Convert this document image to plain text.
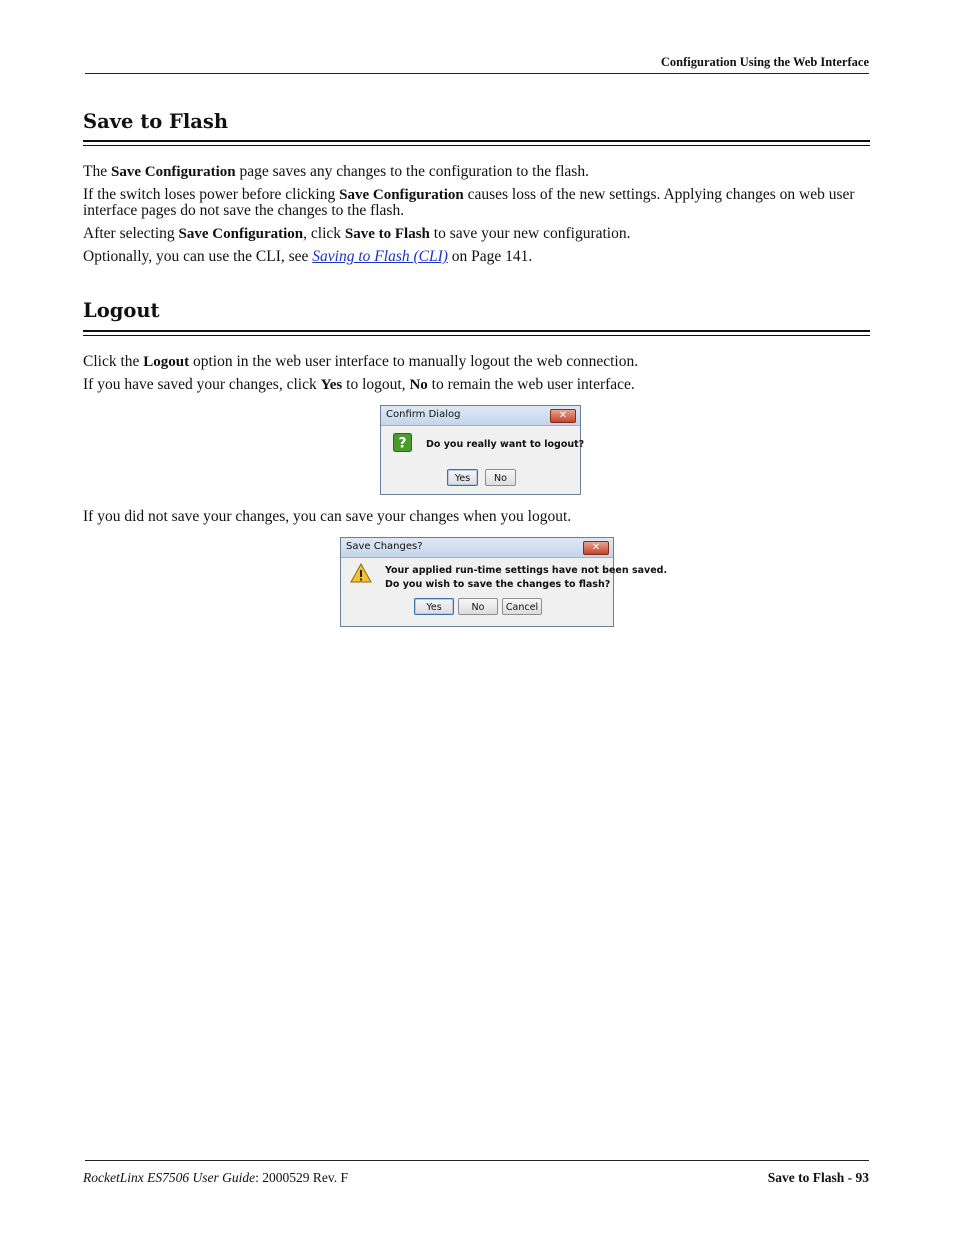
Configuration Using the Web Interface
Save to Flash
The Save Configuration page saves any changes to the configuration to the flash.
If the switch loses power before clicking Save Configuration causes loss of the new settings. Applying changes on web user interface pages do not save the changes to the flash.
After selecting Save Configuration, click Save to Flash to save your new configuration.
Optionally, you can use the CLI, see Saving to Flash (CLI) on Page 141.
Logout
Click the Logout option in the web user interface to manually logout the web connection.
If you have saved your changes, click Yes to logout, No to remain the web user interface.
Confirm Dialog	✕
? Do you really want to logout?
Yes	No
If you did not save your changes, you can save your changes when you logout.
Save Changes?	✕
Your applied run-time settings have not been saved.
Do you wish to save the changes to flash?
Yes	No	Cancel
RocketLinx ES7506 User Guide: 2000529 Rev. F	Save to Flash - 93
